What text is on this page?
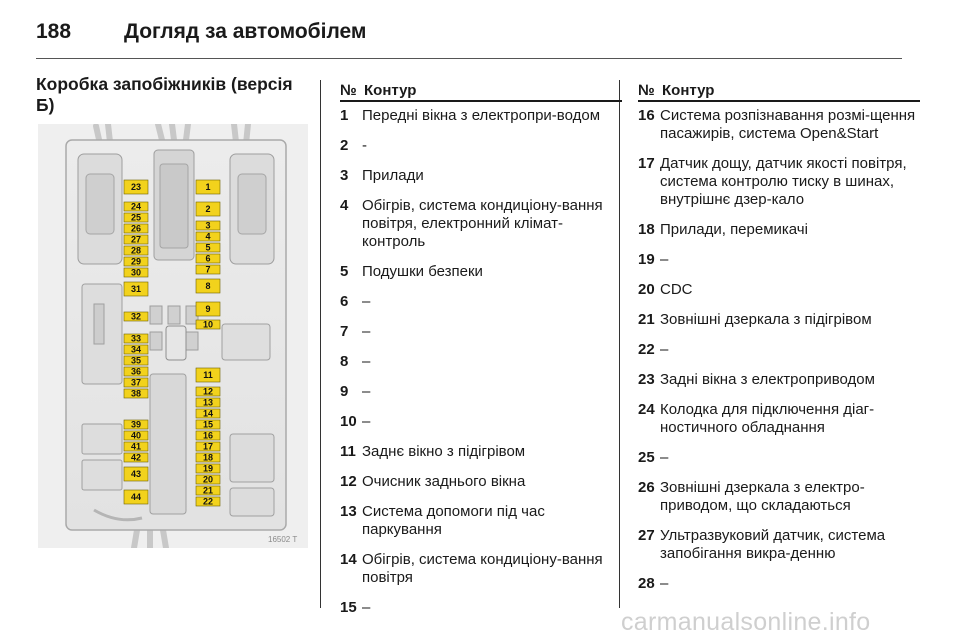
188	Догляд за автомобілем
Коробка запобіжників (версія Б)
1
2
3
4
5
6
7
8
9
10
11
12
13
14
15
16
17
18
19
20
21
22
23
24
25
26
27
28
29
30
31
32
33
34
35
36
37
38
39
40
41
42
43
44
16502 T
№ Контур
1 Передні вікна з електропри-водом
2 -
3 Прилади
4 Обігрів, система кондиціону-вання повітря, електронний клімат-контроль
5 Подушки безпеки
6 –
7 –
8 –
9 –
10 –
11 Заднє вікно з підігрівом
12 Очисник заднього вікна
13 Система допомоги під час паркування
14 Обігрів, система кондиціону-вання повітря
15 –
№ Контур
16 Система розпізнавання розмі-щення пасажирів, система Open&Start
17 Датчик дощу, датчик якості повітря, система контролю тиску в шинах, внутрішнє дзер-кало
18 Прилади, перемикачі
19 –
20 CDC
21 Зовнішні дзеркала з підігрівом
22 –
23 Задні вікна з електроприводом
24 Колодка для підключення діаг-ностичного обладнання
25 –
26 Зовнішні дзеркала з електро-приводом, що складаються
27 Ультразвуковий датчик, система запобігання викра-денню
28 –
carmanualsonline.info
